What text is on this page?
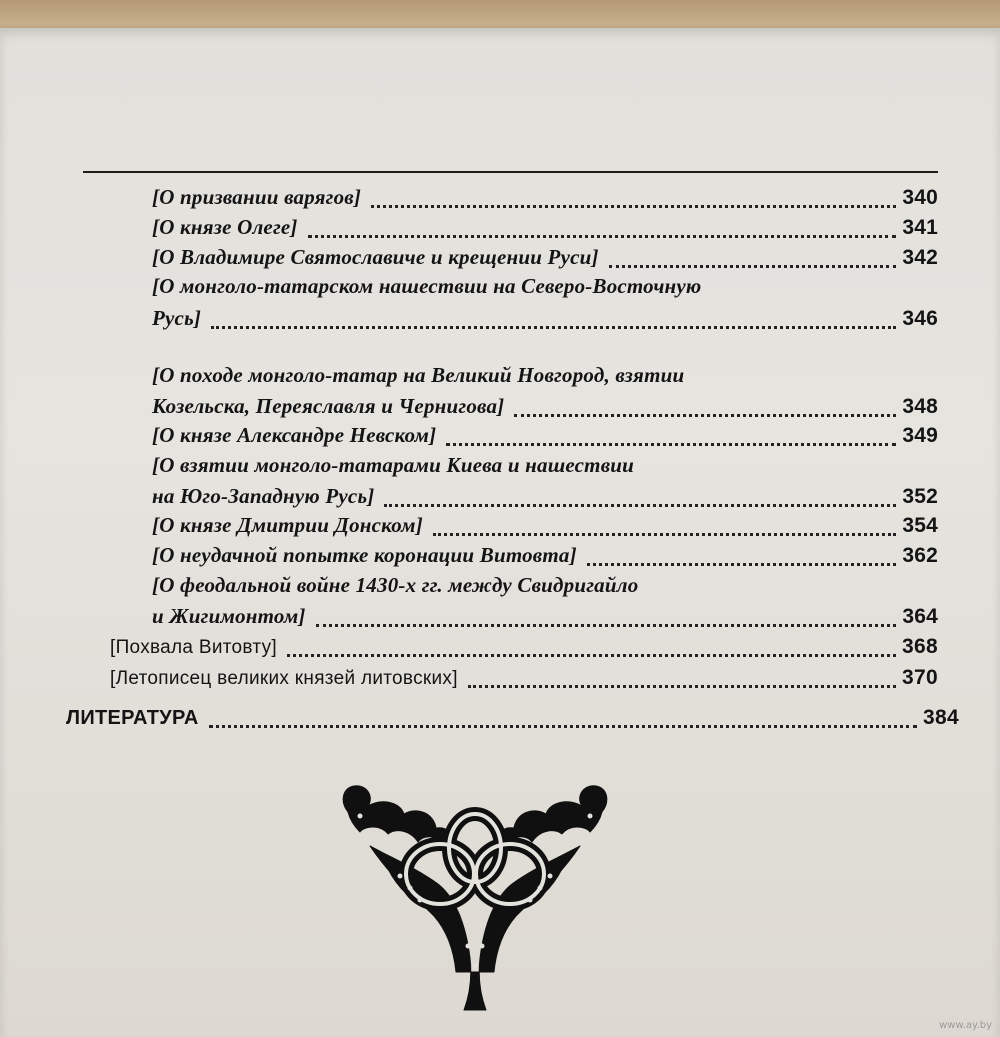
[О призвании варягов]	340
[О князе Олеге]	341
[О Владимире Святославиче и крещении Руси]	342
[О монголо-татарском нашествии на Северо-Восточную
Русь]	346
[О походе монголо-татар на Великий Новгород, взятии
Козельска, Переяславля и Чернигова]	348
[О князе Александре Невском]	349
[О взятии монголо-татарами Киева и нашествии
на Юго-Западную Русь]	352
[О князе Дмитрии Донском]	354
[О неудачной попытке коронации Витовта]	362
[О феодальной войне 1430-х гг. между Свидригайло
и Жигимонтом]	364
[Похвала Витовту]	368
[Летописец великих князей литовских]	370
ЛИТЕРАТУРА	384
www.ay.by
